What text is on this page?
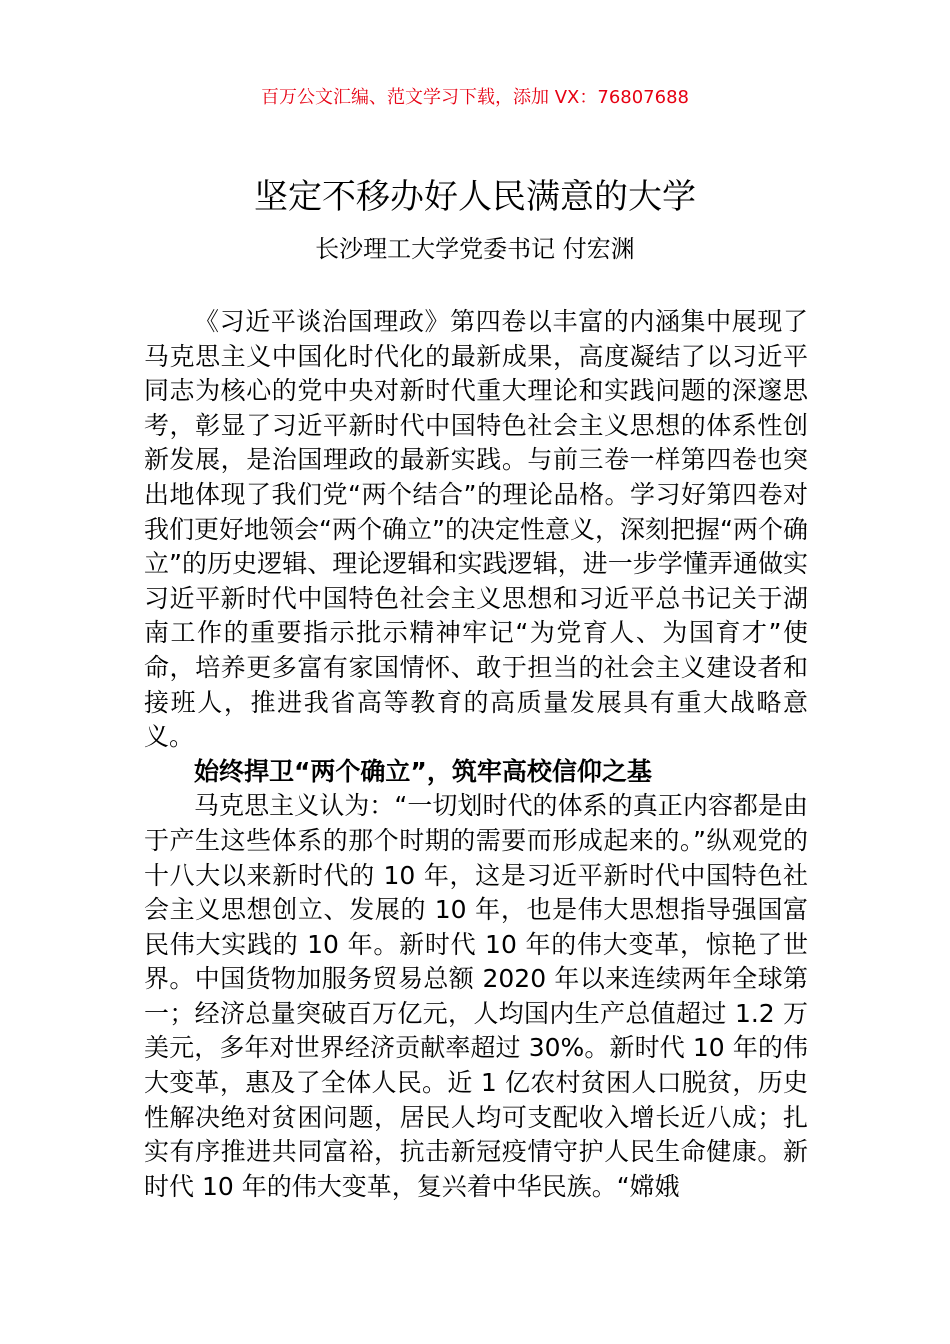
百万公文汇编、范文学习下载，添加 VX：76807688
坚定不移办好人民满意的大学
长沙理工大学党委书记 付宏渊

《习近平谈治国理政》第四卷以丰富的内涵集中展现了马克思主义中国化时代化的最新成果，高度凝结了以习近平同志为核心的党中央对新时代重大理论和实践问题的深邃思考，彰显了习近平新时代中国特色社会主义思想的体系性创新发展，是治国理政的最新实践。与前三卷一样第四卷也突出地体现了我们党“两个结合”的理论品格。学习好第四卷对我们更好地领会“两个确立”的决定性意义，深刻把握“两个确立”的历史逻辑、理论逻辑和实践逻辑，进一步学懂弄通做实习近平新时代中国特色社会主义思想和习近平总书记关于湖南工作的重要指示批示精神牢记“为党育人、为国育才”使命，培养更多富有家国情怀、敢于担当的社会主义建设者和接班人，推进我省高等教育的高质量发展具有重大战略意义。

始终捍卫“两个确立”，筑牢高校信仰之基

马克思主义认为：“一切划时代的体系的真正内容都是由于产生这些体系的那个时期的需要而形成起来的。”纵观党的十八大以来新时代的 10 年，这是习近平新时代中国特色社会主义思想创立、发展的 10 年，也是伟大思想指导强国富民伟大实践的 10 年。新时代 10 年的伟大变革，惊艳了世界。中国货物加服务贸易总额 2020 年以来连续两年全球第一；经济总量突破百万亿元，人均国内生产总值超过 1.2 万美元，多年对世界经济贡献率超过 30%。新时代 10 年的伟大变革，惠及了全体人民。近 1 亿农村贫困人口脱贫，历史性解决绝对贫困问题，居民人均可支配收入增长近八成；扎实有序推进共同富裕，抗击新冠疫情守护人民生命健康。新时代 10 年的伟大变革，复兴着中华民族。“嫦娥
